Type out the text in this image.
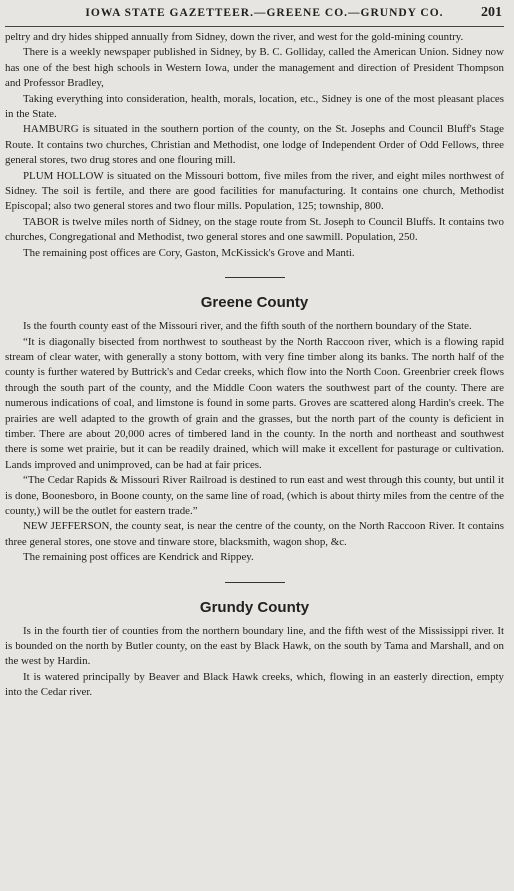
IOWA STATE GAZETTEER.—GREENE CO.—GRUNDY CO.	201

peltry and dry hides shipped annually from Sidney, down the river, and west for the gold-mining country.

There is a weekly newspaper published in Sidney, by B. C. Golliday, called the American Union. Sidney now has one of the best high schools in Western Iowa, under the management and direction of President Thompson and Professor Bradley,

Taking everything into consideration, health, morals, location, etc., Sidney is one of the most pleasant places in the State.

HAMBURG is situated in the southern portion of the county, on the St. Josephs and Council Bluff's Stage Route. It contains two churches, Christian and Methodist, one lodge of Independent Order of Odd Fellows, three general stores, two drug stores and one flouring mill.

PLUM HOLLOW is situated on the Missouri bottom, five miles from the river, and eight miles northwest of Sidney. The soil is fertile, and there are good facilities for manufacturing. It contains one church, Methodist Episcopal; also two general stores and two flour mills. Population, 125; township, 800.

TABOR is twelve miles north of Sidney, on the stage route from St. Joseph to Council Bluffs. It contains two churches, Congregational and Methodist, two general stores and one sawmill. Population, 250.

The remaining post offices are Cory, Gaston, McKissick's Grove and Manti.

Greene County

Is the fourth county east of the Missouri river, and the fifth south of the northern boundary of the State.

“It is diagonally bisected from northwest to southeast by the North Raccoon river, which is a flowing rapid stream of clear water, with generally a stony bottom, with very fine timber along its banks. The north half of the county is further watered by Buttrick's and Cedar creeks, which flow into the North Coon. Greenbrier creek flows through the south part of the county, and the Middle Coon waters the southwest part of the county. There are numerous indications of coal, and limstone is found in some parts. Groves are scattered along Hardin's creek. The prairies are well adapted to the growth of grain and the grasses, but the north part of the county is deficient in timber. There are about 20,000 acres of timbered land in the county. In the north and northeast and southwest there is some wet prairie, but it can be readily drained, which will make it excellent for pasturage or cultivation. Lands improved and unimproved, can be had at fair prices.

“The Cedar Rapids & Missouri River Railroad is destined to run east and west through this county, but until it is done, Boonesboro, in Boone county, on the same line of road, (which is about thirty miles from the centre of the county,) will be the outlet for eastern trade.”

NEW JEFFERSON, the county seat, is near the centre of the county, on the North Raccoon River. It contains three general stores, one stove and tinware store, blacksmith, wagon shop, &c.

The remaining post offices are Kendrick and Rippey.

Grundy County

Is in the fourth tier of counties from the northern boundary line, and the fifth west of the Mississippi river. It is bounded on the north by Butler county, on the east by Black Hawk, on the south by Tama and Marshall, and on the west by Hardin.

It is watered principally by Beaver and Black Hawk creeks, which, flowing in an easterly direction, empty into the Cedar river.
